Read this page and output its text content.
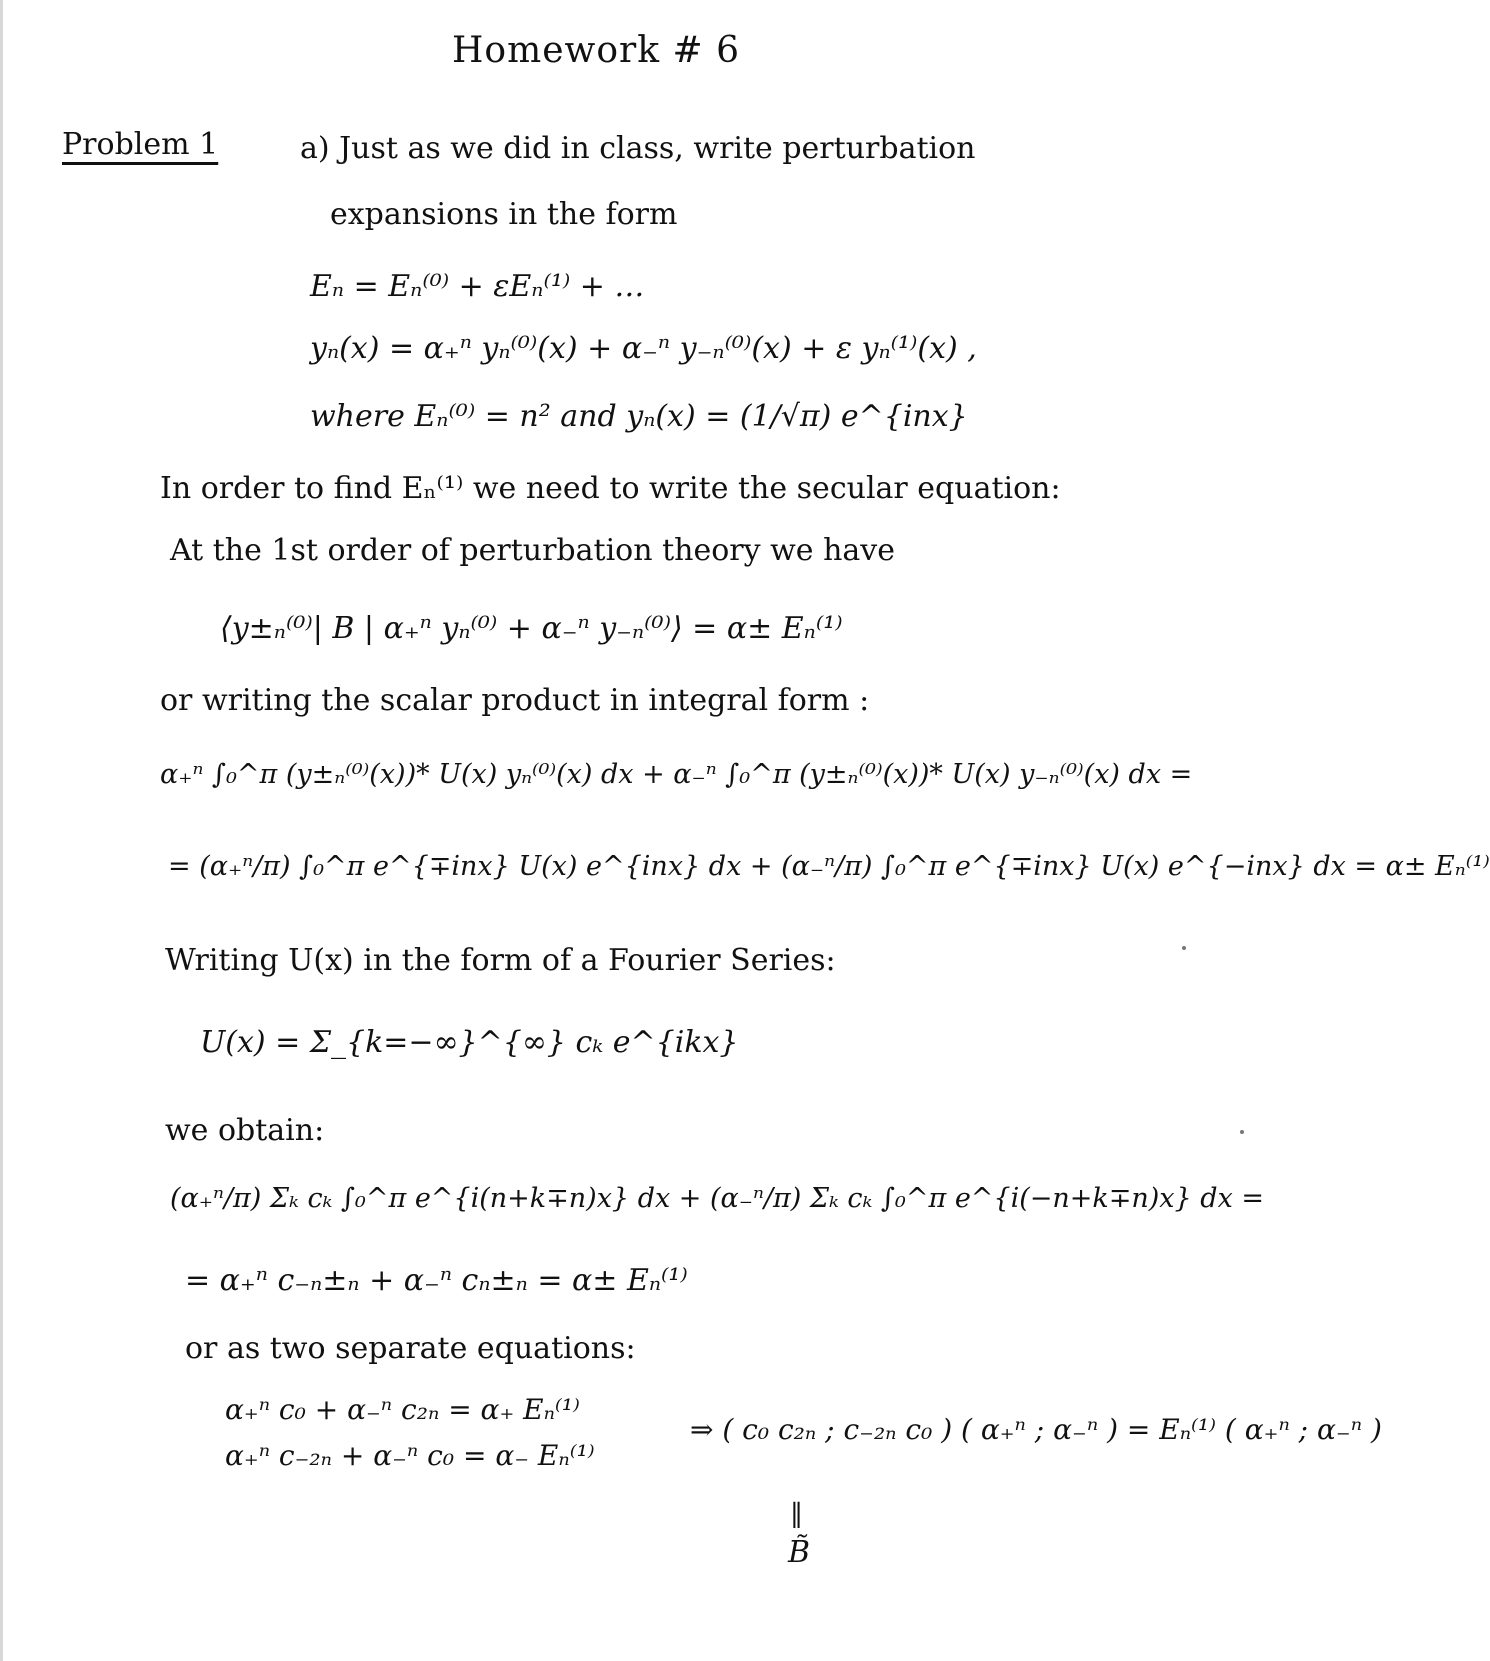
Homework # 6
Problem 1	a) Just as we did in class, write perturbation
expansions in the form
Eₙ = Eₙ⁽⁰⁾ + εEₙ⁽¹⁾ + …
yₙ(x) = α₊ⁿ yₙ⁽⁰⁾(x) + α₋ⁿ y₋ₙ⁽⁰⁾(x) + ε yₙ⁽¹⁾(x) ,
where Eₙ⁽⁰⁾ = n² and yₙ(x) = (1/√π) e^{inx}
In order to find Eₙ⁽¹⁾ we need to write the secular equation:
At the 1st order of perturbation theory we have
⟨y±ₙ⁽⁰⁾| B | α₊ⁿ yₙ⁽⁰⁾ + α₋ⁿ y₋ₙ⁽⁰⁾⟩ = α± Eₙ⁽¹⁾
or writing the scalar product in integral form :
α₊ⁿ ∫₀^π (y±ₙ⁽⁰⁾(x))* U(x) yₙ⁽⁰⁾(x) dx + α₋ⁿ ∫₀^π (y±ₙ⁽⁰⁾(x))* U(x) y₋ₙ⁽⁰⁾(x) dx =
= (α₊ⁿ/π) ∫₀^π e^{∓inx} U(x) e^{inx} dx + (α₋ⁿ/π) ∫₀^π e^{∓inx} U(x) e^{−inx} dx = α± Eₙ⁽¹⁾
Writing U(x) in the form of a Fourier Series:
U(x) = Σ_{k=−∞}^{∞} cₖ e^{ikx}
we obtain:
(α₊ⁿ/π) Σₖ cₖ ∫₀^π e^{i(n+k∓n)x} dx + (α₋ⁿ/π) Σₖ cₖ ∫₀^π e^{i(−n+k∓n)x} dx =
= α₊ⁿ c₋ₙ±ₙ + α₋ⁿ cₙ±ₙ = α± Eₙ⁽¹⁾
or as two separate equations:
α₊ⁿ c₀ + α₋ⁿ c₂ₙ = α₊ Eₙ⁽¹⁾
α₊ⁿ c₋₂ₙ + α₋ⁿ c₀ = α₋ Eₙ⁽¹⁾
⇒ ( c₀ c₂ₙ ; c₋₂ₙ c₀ ) ( α₊ⁿ ; α₋ⁿ ) = Eₙ⁽¹⁾ ( α₊ⁿ ; α₋ⁿ )
‖
B̃
